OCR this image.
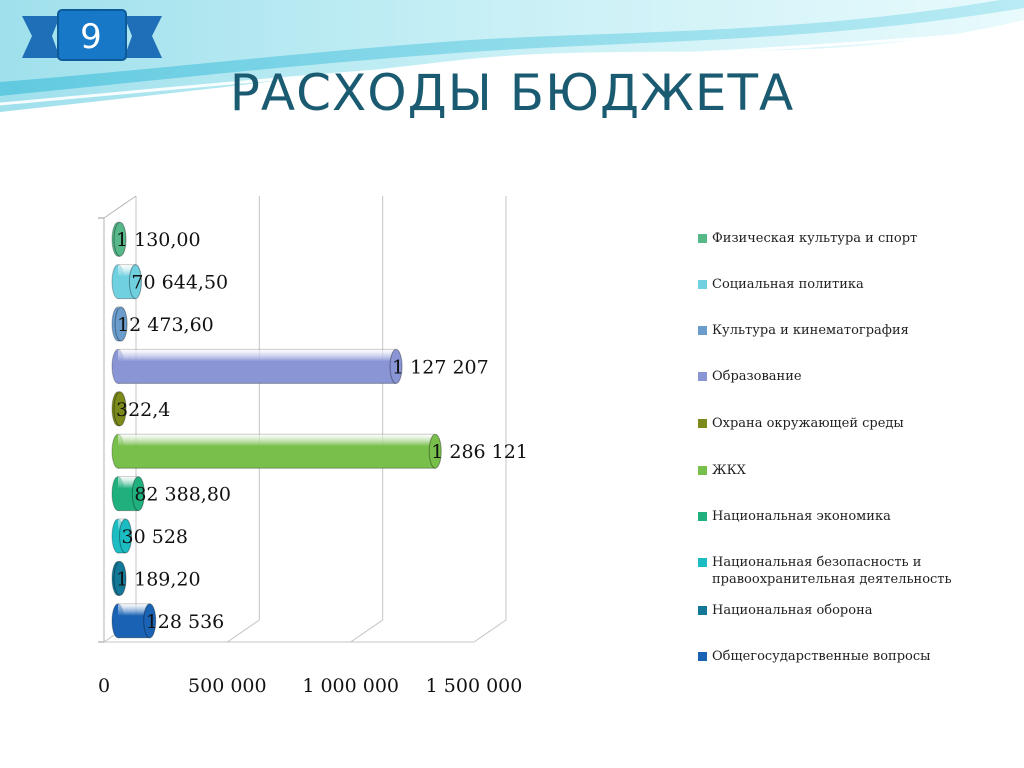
9
РАСХОДЫ БЮДЖЕТА
1 130,00
70 644,50
12 473,60
1 127 207
322,4
1 286 121
82 388,80
30 528
1 189,20
128 536
0	500 000 1 000 000 1 500 000
Физическая культура и спорт
Социальная политика
Культура и кинематография
Образование
Охрана окружающей среды
ЖКХ
Национальная экономика
Национальная безопасность и правоохранительная деятельность
Национальная оборона
Общегосударственные вопросы
